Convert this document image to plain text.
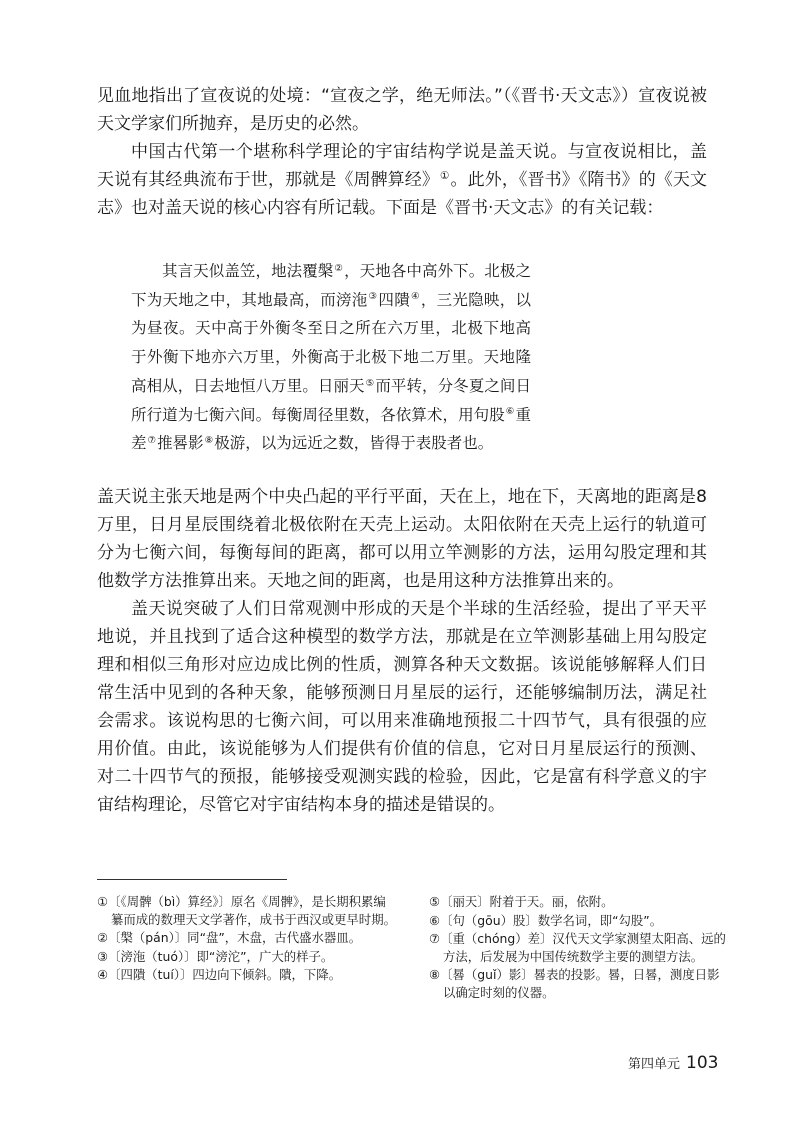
见血地指出了宣夜说的处境：“宣夜之学，绝无师法。”（《晋书·天文志》）宣夜说被天文学家们所抛弃，是历史的必然。

中国古代第一个堪称科学理论的宇宙结构学说是盖天说。与宣夜说相比，盖天说有其经典流布于世，那就是《周髀算经》①。此外，《晋书》《隋书》的《天文志》也对盖天说的核心内容有所记载。下面是《晋书·天文志》的有关记载：

其言天似盖笠，地法覆槃②，天地各中高外下。北极之下为天地之中，其地最高，而滂沲③四隤④，三光隐映，以为昼夜。天中高于外衡冬至日之所在六万里，北极下地高于外衡下地亦六万里，外衡高于北极下地二万里。天地隆高相从，日去地恒八万里。日丽天⑤而平转，分冬夏之间日所行道为七衡六间。每衡周径里数，各依算术，用句股⑥重差⑦推晷影⑧极游，以为远近之数，皆得于表股者也。

盖天说主张天地是两个中央凸起的平行平面，天在上，地在下，天离地的距离是8万里，日月星辰围绕着北极依附在天壳上运动。太阳依附在天壳上运行的轨道可分为七衡六间，每衡每间的距离，都可以用立竿测影的方法，运用勾股定理和其他数学方法推算出来。天地之间的距离，也是用这种方法推算出来的。

盖天说突破了人们日常观测中形成的天是个半球的生活经验，提出了平天平地说，并且找到了适合这种模型的数学方法，那就是在立竿测影基础上用勾股定理和相似三角形对应边成比例的性质，测算各种天文数据。该说能够解释人们日常生活中见到的各种天象，能够预测日月星辰的运行，还能够编制历法，满足社会需求。该说构思的七衡六间，可以用来准确地预报二十四节气，具有很强的应用价值。由此，该说能够为人们提供有价值的信息，它对日月星辰运行的预测、对二十四节气的预报，能够接受观测实践的检验，因此，它是富有科学意义的宇宙结构理论，尽管它对宇宙结构本身的描述是错误的。

①〔《周髀（bì）算经》〕原名《周髀》，是长期积累编纂而成的数理天文学著作，成书于西汉或更早时期。
②〔槃（pán）〕同“盘”，木盘，古代盛水器皿。
③〔滂沲（tuó）〕即“滂沱”，广大的样子。
④〔四隤（tuí）〕四边向下倾斜。隤，下降。
⑤〔丽天〕附着于天。丽，依附。
⑥〔句（gōu）股〕数学名词，即“勾股”。
⑦〔重（chóng）差〕汉代天文学家测望太阳高、远的方法，后发展为中国传统数学主要的测望方法。
⑧〔晷（guǐ）影〕晷表的投影。晷，日晷，测度日影以确定时刻的仪器。
第四单元 103
